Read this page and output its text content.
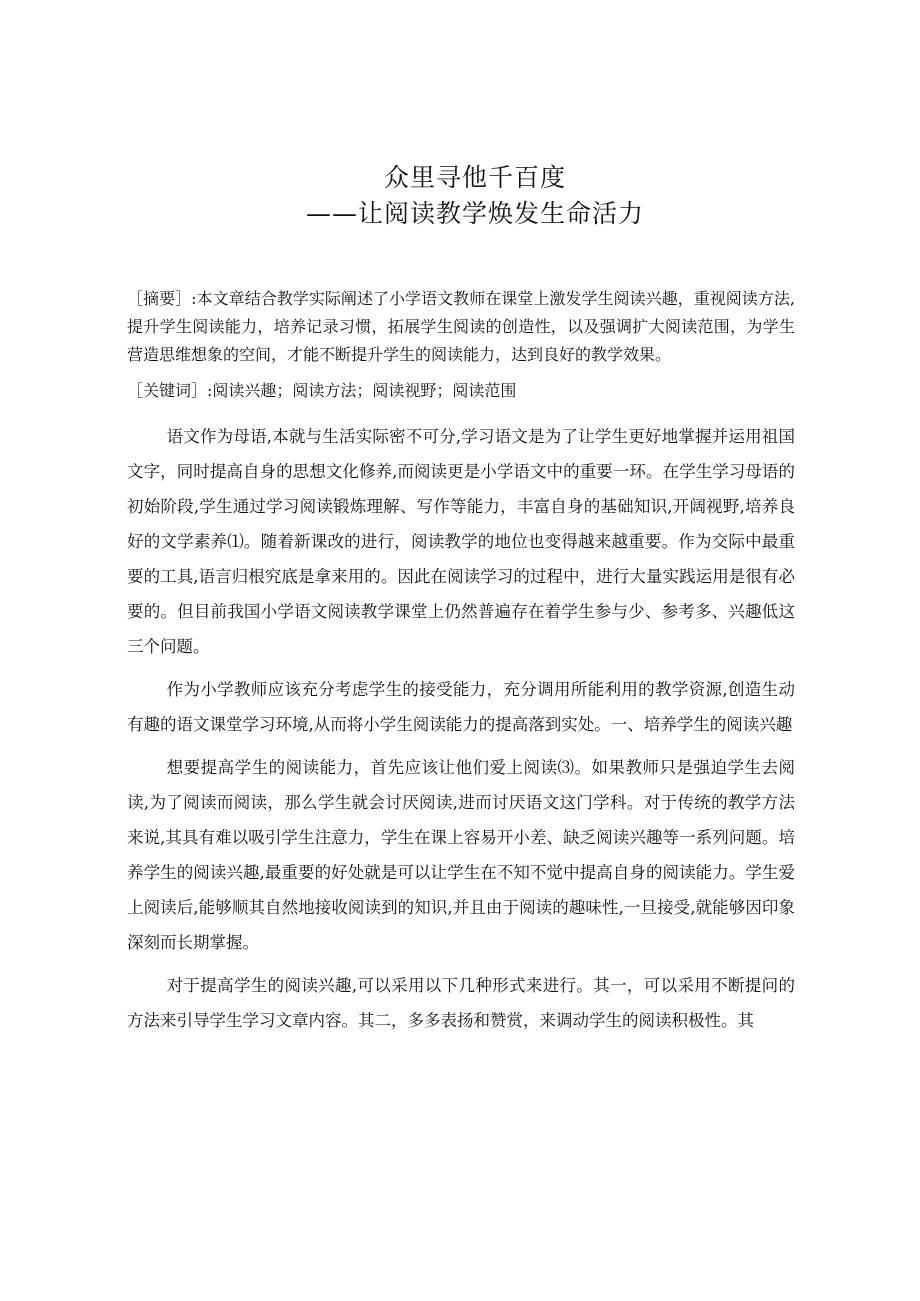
众里寻他千百度

——让阅读教学焕发生命活力

［摘要］:本文章结合教学实际阐述了小学语文教师在课堂上激发学生阅读兴趣，重视阅读方法,提升学生阅读能力，培养记录习惯，拓展学生阅读的创造性，以及强调扩大阅读范围，为学生营造思维想象的空间，才能不断提升学生的阅读能力，达到良好的教学效果。

［关键词］:阅读兴趣；阅读方法；阅读视野；阅读范围

语文作为母语,本就与生活实际密不可分,学习语文是为了让学生更好地掌握并运用祖国文字，同时提高自身的思想文化修养,而阅读更是小学语文中的重要一环。在学生学习母语的初始阶段,学生通过学习阅读锻炼理解、写作等能力，丰富自身的基础知识,开阔视野,培养良好的文学素养⑴。随着新课改的进行，阅读教学的地位也变得越来越重要。作为交际中最重要的工具,语言归根究底是拿来用的。因此在阅读学习的过程中，进行大量实践运用是很有必要的。但目前我国小学语文阅读教学课堂上仍然普遍存在着学生参与少、参考多、兴趣低这三个问题。

作为小学教师应该充分考虑学生的接受能力，充分调用所能利用的教学资源,创造生动有趣的语文课堂学习环境,从而将小学生阅读能力的提高落到实处。一、培养学生的阅读兴趣

想要提高学生的阅读能力，首先应该让他们爱上阅读⑶。如果教师只是强迫学生去阅读,为了阅读而阅读，那么学生就会讨厌阅读,进而讨厌语文这门学科。对于传统的教学方法来说,其具有难以吸引学生注意力，学生在课上容易开小差、缺乏阅读兴趣等一系列问题。培养学生的阅读兴趣,最重要的好处就是可以让学生在不知不觉中提高自身的阅读能力。学生爱上阅读后,能够顺其自然地接收阅读到的知识,并且由于阅读的趣味性,一旦接受,就能够因印象深刻而长期掌握。

对于提高学生的阅读兴趣,可以采用以下几种形式来进行。其一，可以采用不断提问的方法来引导学生学习文章内容。其二，多多表扬和赞赏，来调动学生的阅读积极性。其
